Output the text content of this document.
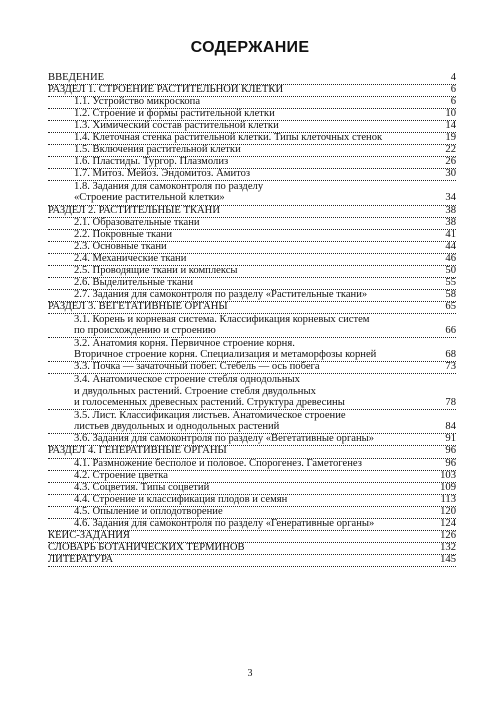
СОДЕРЖАНИЕ
ВВЕДЕНИЕ	4
РАЗДЕЛ 1. СТРОЕНИЕ РАСТИТЕЛЬНОЙ КЛЕТКИ	6
1.1. Устройство микроскопа	6
1.2. Строение и формы растительной клетки	10
1.3. Химический состав растительной клетки	14
1.4. Клеточная стенка растительной клетки. Типы клеточных стенок	19
1.5. Включения растительной клетки	22
1.6. Пластиды. Тургор. Плазмолиз	26
1.7. Митоз. Мейоз. Эндомитоз. Амитоз	30
1.8. Задания для самоконтроля по разделу
«Строение растительной клетки»	34
РАЗДЕЛ 2. РАСТИТЕЛЬНЫЕ ТКАНИ	38
2.1. Образовательные ткани	38
2.2. Покровные ткани	41
2.3. Основные ткани	44
2.4. Механические ткани	46
2.5. Проводящие ткани и комплексы	50
2.6. Выделительные ткани	55
2.7. Задания для самоконтроля по разделу «Растительные ткани»	58
РАЗДЕЛ 3. ВЕГЕТАТИВНЫЕ ОРГАНЫ	65
3.1. Корень и корневая система. Классификация корневых систем
по происхождению и строению	66
3.2. Анатомия корня. Первичное строение корня.
Вторичное строение корня. Специализация и метаморфозы корней	68
3.3. Почка — зачаточный побег. Стебель — ось побега	73
3.4. Анатомическое строение стебля однодольных
и двудольных растений. Строение стебля двудольных
и голосеменных древесных растений. Структура древесины	78
3.5. Лист. Классификация листьев. Анатомическое строение
листьев двудольных и однодольных растений	84
3.6. Задания для самоконтроля по разделу «Вегетативные органы»	91
РАЗДЕЛ 4. ГЕНЕРАТИВНЫЕ ОРГАНЫ	96
4.1. Размножение бесполое и половое. Спорогенез. Гаметогенез	96
4.2. Строение цветка	103
4.3. Соцветия. Типы соцветий	109
4.4. Строение и классификация плодов и семян	113
4.5. Опыление и оплодотворение	120
4.6. Задания для самоконтроля по разделу «Генеративные органы»	124
КЕЙС-ЗАДАНИЯ	126
СЛОВАРЬ БОТАНИЧЕСКИХ ТЕРМИНОВ	132
ЛИТЕРАТУРА	145
3
